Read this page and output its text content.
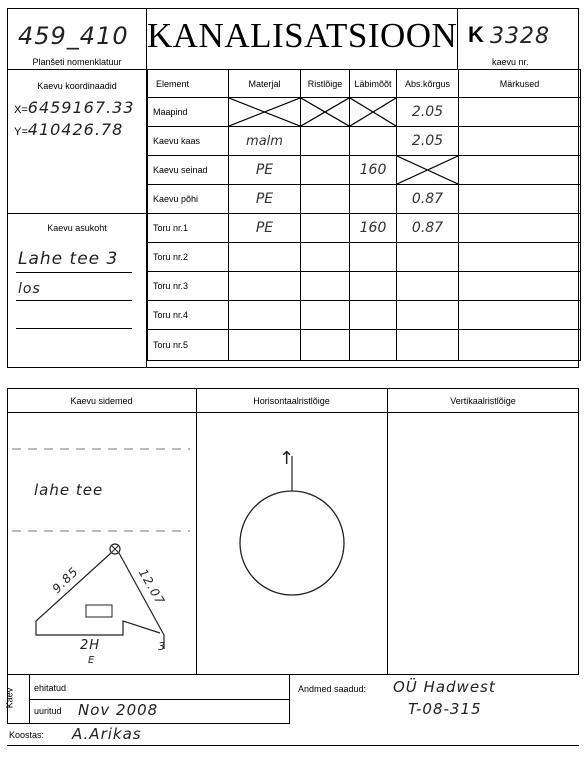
459_410
Planšeti nomenklatuur
KANALISATSIOON K 3328
kaevu nr.
Kaevu koordinaadid
X=6459167.33
Y=410426.78
Kaevu asukoht
Lahe tee 3
los
Element	Materjal	Ristlõige	Läbimõõt	Abs.kõrgus	Märkused
Maapind				2.05	

Kaevu kaas	malm			2.05	

Kaevu seinad	PE		160

Kaevu põhi	PE			0.87	

Toru nr.1	PE		160	0.87	

Toru nr.2	

Toru nr.3	

Toru nr.4	

Toru nr.5	

Kaevu sidemed	Horisontaalristlõige	Vertikaalristlõige
lahe tee
9.85	12.07
2H
E
3
↑
Kaev ehitatud
uuritud Nov 2008
Andmed saadud: OÜ Hadwest
T-08-315
Koostas: A.Arikas
